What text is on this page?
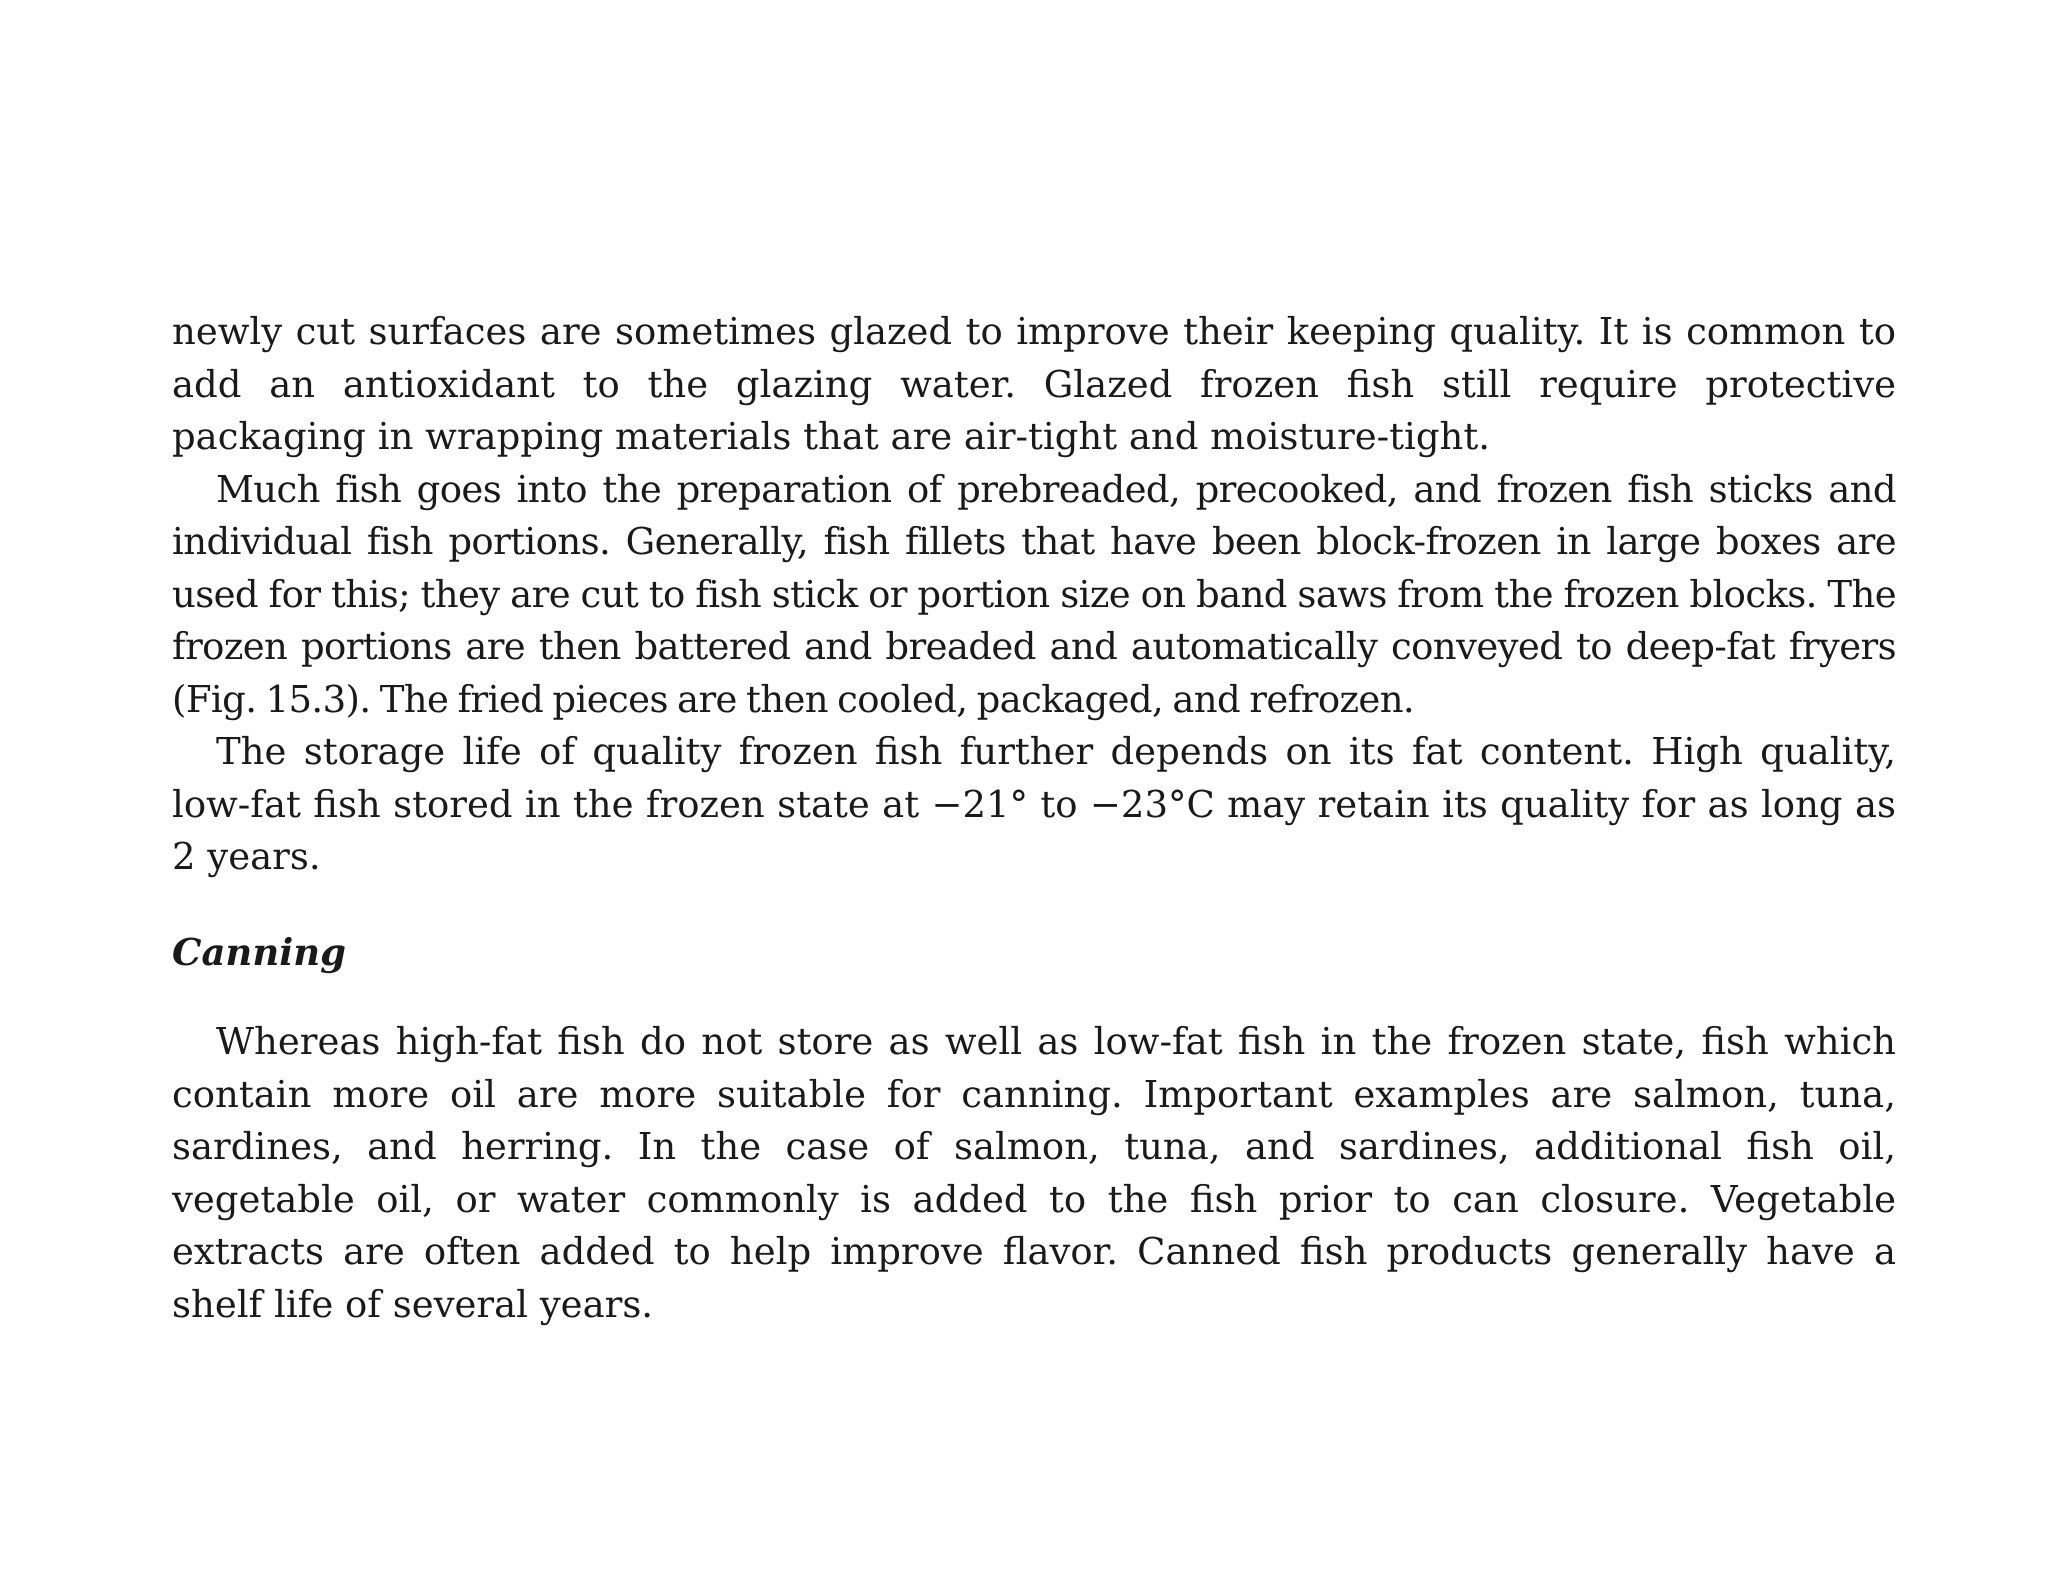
newly cut surfaces are sometimes glazed to improve their keeping quality. It is common to add an antioxidant to the glazing water. Glazed frozen fish still require protective packaging in wrapping materials that are air-tight and moisture-tight.

Much fish goes into the preparation of prebreaded, precooked, and frozen fish sticks and individual fish portions. Generally, fish fillets that have been block-frozen in large boxes are used for this; they are cut to fish stick or portion size on band saws from the frozen blocks. The frozen portions are then battered and breaded and automatically conveyed to deep-fat fryers (Fig. 15.3). The fried pieces are then cooled, packaged, and refrozen.

The storage life of quality frozen fish further depends on its fat content. High quality, low-fat fish stored in the frozen state at −21° to −23°C may retain its quality for as long as 2 years.

Canning

Whereas high-fat fish do not store as well as low-fat fish in the frozen state, fish which contain more oil are more suitable for canning. Important examples are salmon, tuna, sardines, and herring. In the case of salmon, tuna, and sardines, additional fish oil, vegetable oil, or water commonly is added to the fish prior to can closure. Vegetable extracts are often added to help improve flavor. Canned fish products generally have a shelf life of several years.
